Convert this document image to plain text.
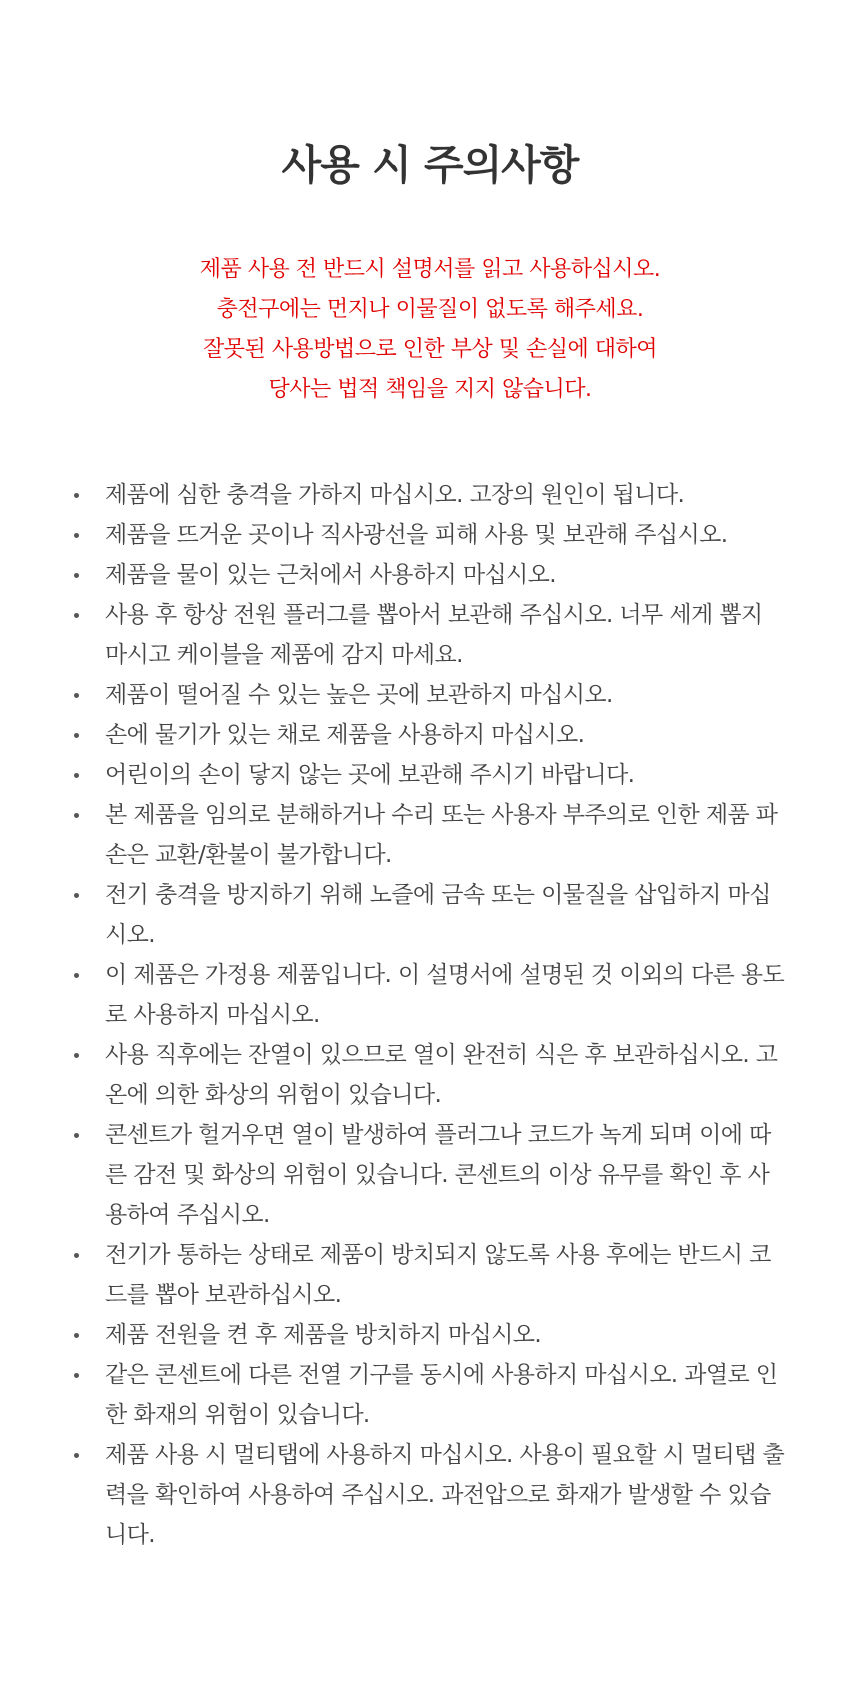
사용 시 주의사항
제품 사용 전 반드시 설명서를 읽고 사용하십시오.
충전구에는 먼지나 이물질이 없도록 해주세요.
잘못된 사용방법으로 인한 부상 및 손실에 대하여
당사는 법적 책임을 지지 않습니다.
제품에 심한 충격을 가하지 마십시오. 고장의 원인이 됩니다.
제품을 뜨거운 곳이나 직사광선을 피해 사용 및 보관해 주십시오.
제품을 물이 있는 근처에서 사용하지 마십시오.
사용 후 항상 전원 플러그를 뽑아서 보관해 주십시오. 너무 세게 뽑지 마시고 케이블을 제품에 감지 마세요.
제품이 떨어질 수 있는 높은 곳에 보관하지 마십시오.
손에 물기가 있는 채로 제품을 사용하지 마십시오.
어린이의 손이 닿지 않는 곳에 보관해 주시기 바랍니다.
본 제품을 임의로 분해하거나 수리 또는 사용자 부주의로 인한 제품 파손은 교환/환불이 불가합니다.
전기 충격을 방지하기 위해 노즐에 금속 또는 이물질을 삽입하지 마십시오.
이 제품은 가정용 제품입니다. 이 설명서에 설명된 것 이외의 다른 용도로 사용하지 마십시오.
사용 직후에는 잔열이 있으므로 열이 완전히 식은 후 보관하십시오. 고온에 의한 화상의 위험이 있습니다.
콘센트가 헐거우면 열이 발생하여 플러그나 코드가 녹게 되며 이에 따른 감전 및 화상의 위험이 있습니다. 콘센트의 이상 유무를 확인 후 사용하여 주십시오.
전기가 통하는 상태로 제품이 방치되지 않도록 사용 후에는 반드시 코드를 뽑아 보관하십시오.
제품 전원을 켠 후 제품을 방치하지 마십시오.
같은 콘센트에 다른 전열 기구를 동시에 사용하지 마십시오. 과열로 인한 화재의 위험이 있습니다.
제품 사용 시 멀티탭에 사용하지 마십시오. 사용이 필요할 시 멀티탭 출력을 확인하여 사용하여 주십시오. 과전압으로 화재가 발생할 수 있습니다.
